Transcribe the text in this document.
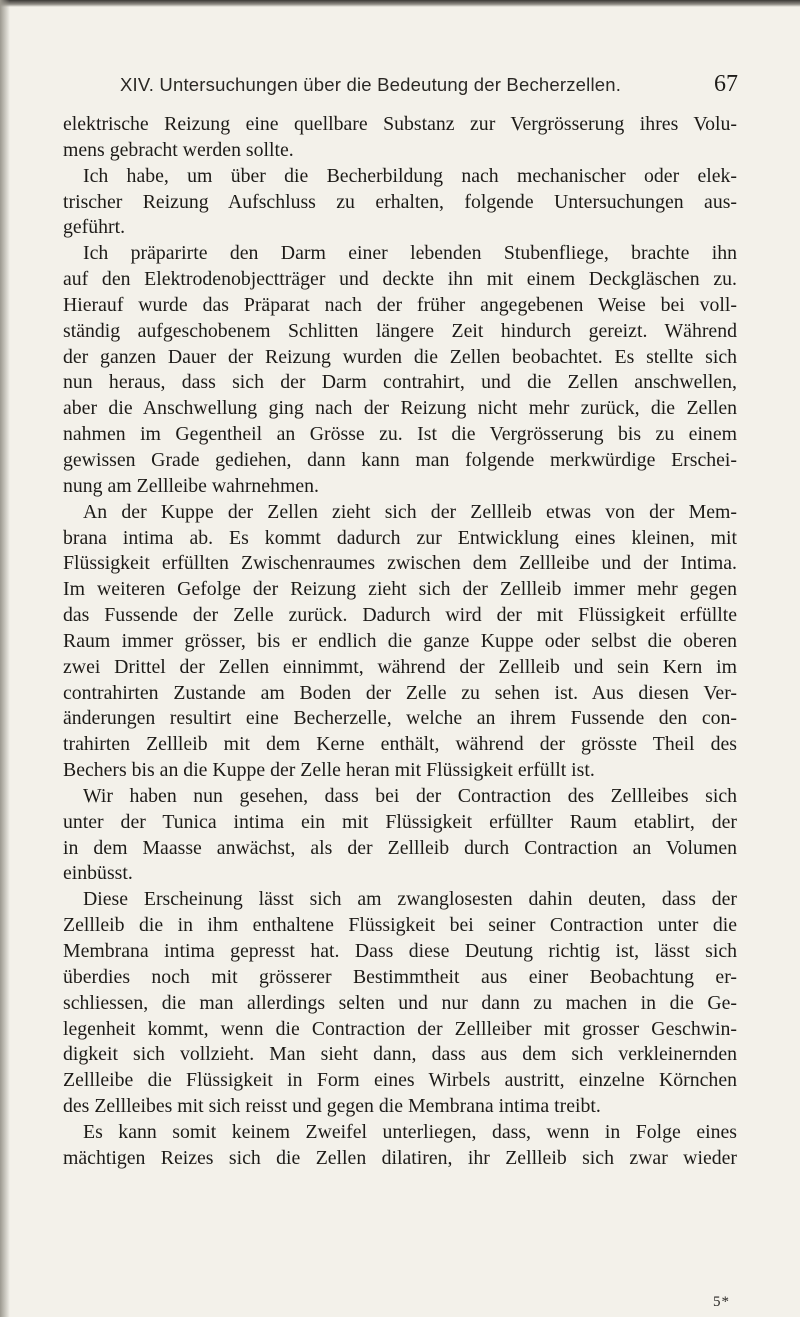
XIV. Untersuchungen über die Bedeutung der Becherzellen.	67
elektrische Reizung eine quellbare Substanz zur Vergrösserung ihres Volu-
mens gebracht werden sollte.
Ich habe, um über die Becherbildung nach mechanischer oder elek-
trischer Reizung Aufschluss zu erhalten, folgende Untersuchungen aus-
geführt.
Ich präparirte den Darm einer lebenden Stubenfliege, brachte ihn
auf den Elektrodenobjectträger und deckte ihn mit einem Deckgläschen zu.
Hierauf wurde das Präparat nach der früher angegebenen Weise bei voll-
ständig aufgeschobenem Schlitten längere Zeit hindurch gereizt. Während
der ganzen Dauer der Reizung wurden die Zellen beobachtet. Es stellte sich
nun heraus, dass sich der Darm contrahirt, und die Zellen anschwellen,
aber die Anschwellung ging nach der Reizung nicht mehr zurück, die Zellen
nahmen im Gegentheil an Grösse zu. Ist die Vergrösserung bis zu einem
gewissen Grade gediehen, dann kann man folgende merkwürdige Erschei-
nung am Zellleibe wahrnehmen.
An der Kuppe der Zellen zieht sich der Zellleib etwas von der Mem-
brana intima ab. Es kommt dadurch zur Entwicklung eines kleinen, mit
Flüssigkeit erfüllten Zwischenraumes zwischen dem Zellleibe und der Intima.
Im weiteren Gefolge der Reizung zieht sich der Zellleib immer mehr gegen
das Fussende der Zelle zurück. Dadurch wird der mit Flüssigkeit erfüllte
Raum immer grösser, bis er endlich die ganze Kuppe oder selbst die oberen
zwei Drittel der Zellen einnimmt, während der Zellleib und sein Kern im
contrahirten Zustande am Boden der Zelle zu sehen ist. Aus diesen Ver-
änderungen resultirt eine Becherzelle, welche an ihrem Fussende den con-
trahirten Zellleib mit dem Kerne enthält, während der grösste Theil des
Bechers bis an die Kuppe der Zelle heran mit Flüssigkeit erfüllt ist.
Wir haben nun gesehen, dass bei der Contraction des Zellleibes sich
unter der Tunica intima ein mit Flüssigkeit erfüllter Raum etablirt, der
in dem Maasse anwächst, als der Zellleib durch Contraction an Volumen
einbüsst.
Diese Erscheinung lässt sich am zwanglosesten dahin deuten, dass der
Zellleib die in ihm enthaltene Flüssigkeit bei seiner Contraction unter die
Membrana intima gepresst hat. Dass diese Deutung richtig ist, lässt sich
überdies noch mit grösserer Bestimmtheit aus einer Beobachtung er-
schliessen, die man allerdings selten und nur dann zu machen in die Ge-
legenheit kommt, wenn die Contraction der Zellleiber mit grosser Geschwin-
digkeit sich vollzieht. Man sieht dann, dass aus dem sich verkleinernden
Zellleibe die Flüssigkeit in Form eines Wirbels austritt, einzelne Körnchen
des Zellleibes mit sich reisst und gegen die Membrana intima treibt.
Es kann somit keinem Zweifel unterliegen, dass, wenn in Folge eines
mächtigen Reizes sich die Zellen dilatiren, ihr Zellleib sich zwar wieder
5*
